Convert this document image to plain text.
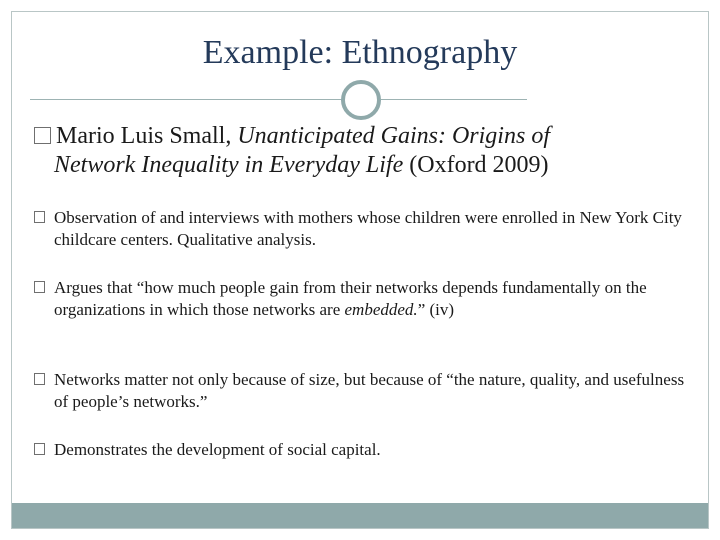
Example: Ethnography
Mario Luis Small, Unanticipated Gains: Origins of
Network Inequality in Everyday Life (Oxford 2009)
Observation of and interviews with mothers whose children were enrolled in New York City childcare centers. Qualitative analysis.
Argues that “how much people gain from their networks depends fundamentally on the organizations in which those networks are embedded.” (iv)
Networks matter not only because of size, but because of “the nature, quality, and usefulness of people’s networks.”
Demonstrates the development of social capital.
